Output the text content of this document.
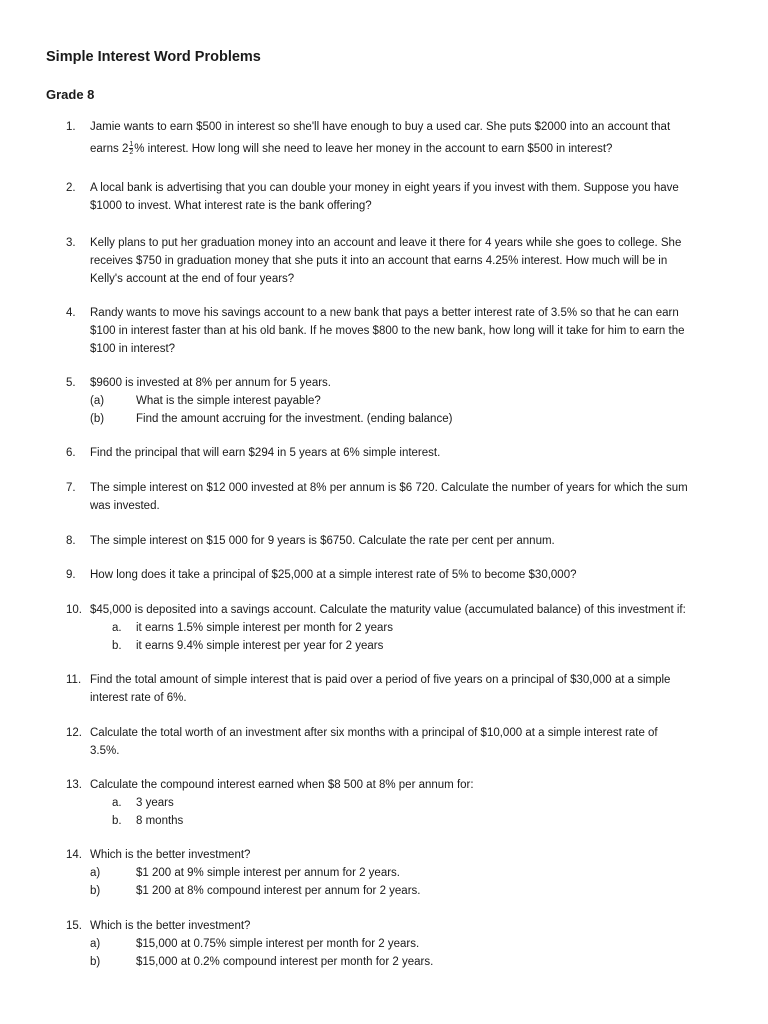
Simple Interest Word Problems
Grade 8
1. Jamie wants to earn $500 in interest so she'll have enough to buy a used car. She puts $2000 into an account that
earns $2 \frac{1}{2}$ % interest. How long will she need to leave her money in the account to earn $500 in interest?
2. A local bank is advertising that you can double your money in eight years if you invest with them. Suppose you have
$1000 to invest. What interest rate is the bank offering?
3. Kelly plans to put her graduation money into an account and leave it there for 4 years while she goes to college. She
receives $750 in graduation money that she puts it into an account that earns 4.25% interest. How much will be in
Kelly's account at the end of four years?
4. Randy wants to move his savings account to a new bank that pays a better interest rate of 3.5% so that he can earn
$100 in interest faster than at his old bank. If he moves $800 to the new bank, how long will it take for him to earn the
$100 in interest?
5. $9600 is invested at 8% per annum for 5 years.
(a)	What is the simple interest payable?
(b)	Find the amount accruing for the investment. (ending balance)
6. Find the principal that will earn $294 in 5 years at 6% simple interest.
7. The simple interest on $12 000 invested at 8% per annum is $6 720. Calculate the number of years for which the sum
was invested.
8. The simple interest on $15 000 for 9 years is $6750. Calculate the rate per cent per annum.
9. How long does it take a principal of $25,000 at a simple interest rate of 5% to become $30,000?
10. $45,000 is deposited into a savings account. Calculate the maturity value (accumulated balance) of this investment if:
a. it earns 1.5% simple interest per month for 2 years
b. it earns 9.4% simple interest per year for 2 years
11. Find the total amount of simple interest that is paid over a period of five years on a principal of $30,000 at a simple
interest rate of 6%.
12. Calculate the total worth of an investment after six months with a principal of $10,000 at a simple interest rate of
3.5%.
13. Calculate the compound interest earned when $8 500 at 8% per annum for:
a. 3 years
b. 8 months
14. Which is the better investment?
a)	$1 200 at 9% simple interest per annum for 2 years.
b)	$1 200 at 8% compound interest per annum for 2 years.
15. Which is the better investment?
a)	$15,000 at 0.75% simple interest per month for 2 years.
b)	$15,000 at 0.2% compound interest per month for 2 years.
